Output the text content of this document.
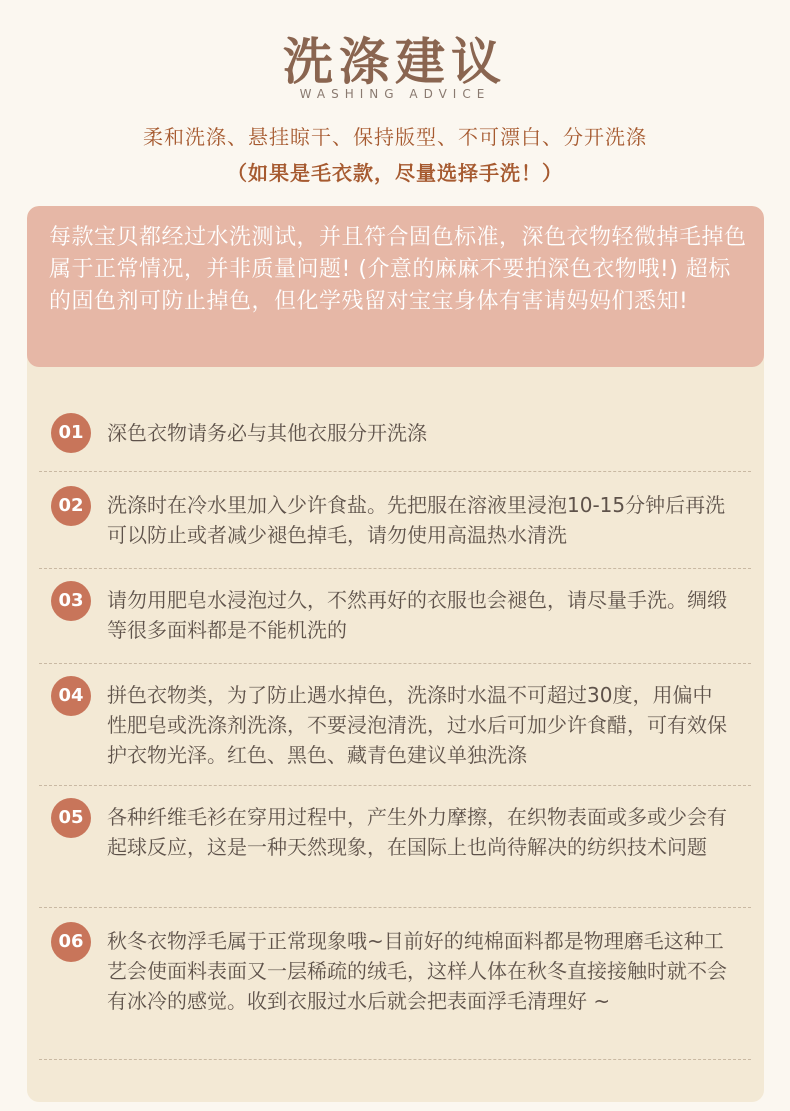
洗涤建议
WASHING ADVICE
柔和洗涤、悬挂晾干、保持版型、不可漂白、分开洗涤
（如果是毛衣款，尽量选择手洗！）
每款宝贝都经过水洗测试，并且符合固色标准，深色衣物轻微掉毛掉色属于正常情况，并非质量问题! (介意的麻麻不要拍深色衣物哦!) 超标的固色剂可防止掉色，但化学残留对宝宝身体有害请妈妈们悉知!
01	深色衣物请务必与其他衣服分开洗涤
02	洗涤时在冷水里加入少许食盐。先把服在溶液里浸泡10-15分钟后再洗可以防止或者减少褪色掉毛，请勿使用高温热水清洗
03	请勿用肥皂水浸泡过久，不然再好的衣服也会褪色，请尽量手洗。绸缎等很多面料都是不能机洗的
04	拼色衣物类，为了防止遇水掉色，洗涤时水温不可超过30度，用偏中性肥皂或洗涤剂洗涤，不要浸泡清洗，过水后可加少许食醋，可有效保护衣物光泽。红色、黑色、藏青色建议单独洗涤
05	各种纤维毛衫在穿用过程中，产生外力摩擦，在织物表面或多或少会有起球反应，这是一种天然现象，在国际上也尚待解决的纺织技术问题
06	秋冬衣物浮毛属于正常现象哦~目前好的纯棉面料都是物理磨毛这种工艺会使面料表面又一层稀疏的绒毛，这样人体在秋冬直接接触时就不会有冰冷的感觉。收到衣服过水后就会把表面浮毛清理好 ~
